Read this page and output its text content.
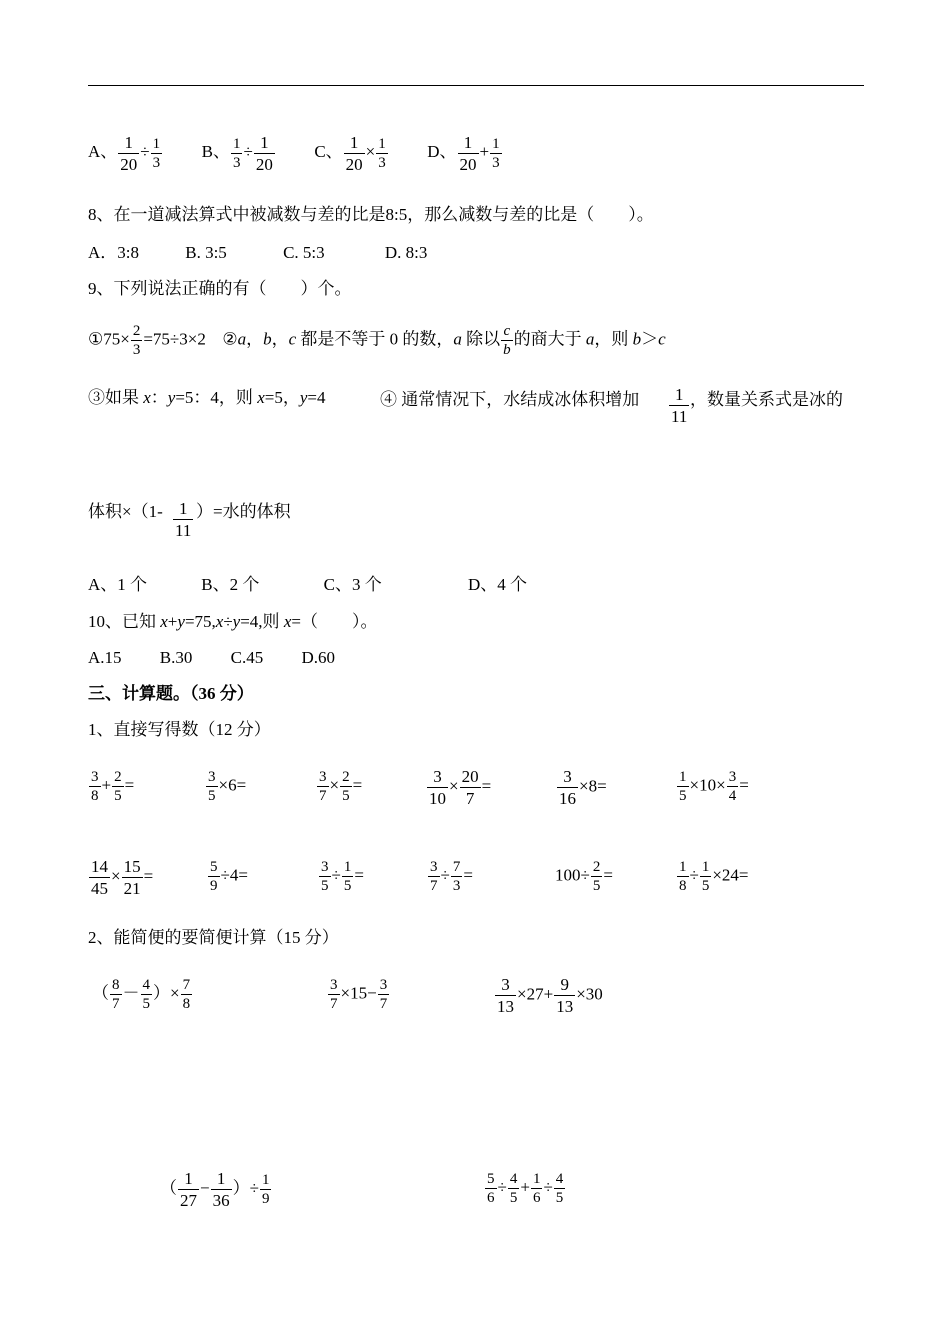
A、 $\frac{1}{20} \div \frac{1}{3}$ B、 $\frac{1}{3} \div \frac{1}{20}$ C、 $\frac{1}{20} \times \frac{1}{3}$ D、 $\frac{1}{20} + \frac{1}{3}$
8、在一道减法算式中被减数与差的比是8:5，那么减数与差的比是（　　）。
A．3:8	B. 3:5	C. 5:3	D. 8:3
9、下列说法正确的有（　　）个。
①75× $\frac{2}{3} =75\div 3\times 2$ ②a，b，c 都是不等于 0 的数，a 除以 $\frac{c}{b}$ 的商大于 a，则 b＞c
③如果 x：y=5：4，则 x=5，y=4	④ 通常情况下，水结成冰体积增加 $\frac{1}{11}$ ，数量关系式是冰的
体积$\times(1- \frac{1}{11}$ ）=水的体积
A、1 个	B、2 个	C、3 个	D、4 个
10、已知 x+y=75,x÷y=4,则 x=（　　）。
A.15 B.30 C.45 D.60
三、计算题。（36 分）
1、直接写得数（12 分）
$\frac{3}{8} + \frac{2}{5}$ =	$\frac{3}{5} \times 6=$	$\frac{3}{7} \times \frac{2}{5}$ =	$\frac{3}{10} \times \frac{20}{7}$ =	$\frac{3}{16} \times 8=$	$\frac{1}{5} \times 10\times \frac{3}{4}$ =
$\frac{14}{45} \times \frac{15}{21}$ =	$\frac{5}{9} \div 4=$	$\frac{3}{5} \div \frac{1}{5}$ =	$\frac{3}{7} \div \frac{7}{3}$ =	$100\div \frac{2}{5}$ =	$\frac{1}{8} \div \frac{1}{5} \times 24=$
2、能简便的要简便计算（15 分）
（ $\frac{8}{7} - \frac{4}{5}$ ）× $\frac{7}{8}$	$\frac{3}{7} \times 15- \frac{3}{7}$	$\frac{3}{13} \times 27+ \frac{9}{13} \times 30$
（ $\frac{1}{27} - \frac{1}{36}$ ）÷ $\frac{1}{9}$	$\frac{5}{6} \div \frac{4}{5} + \frac{1}{6} \div \frac{4}{5}$
